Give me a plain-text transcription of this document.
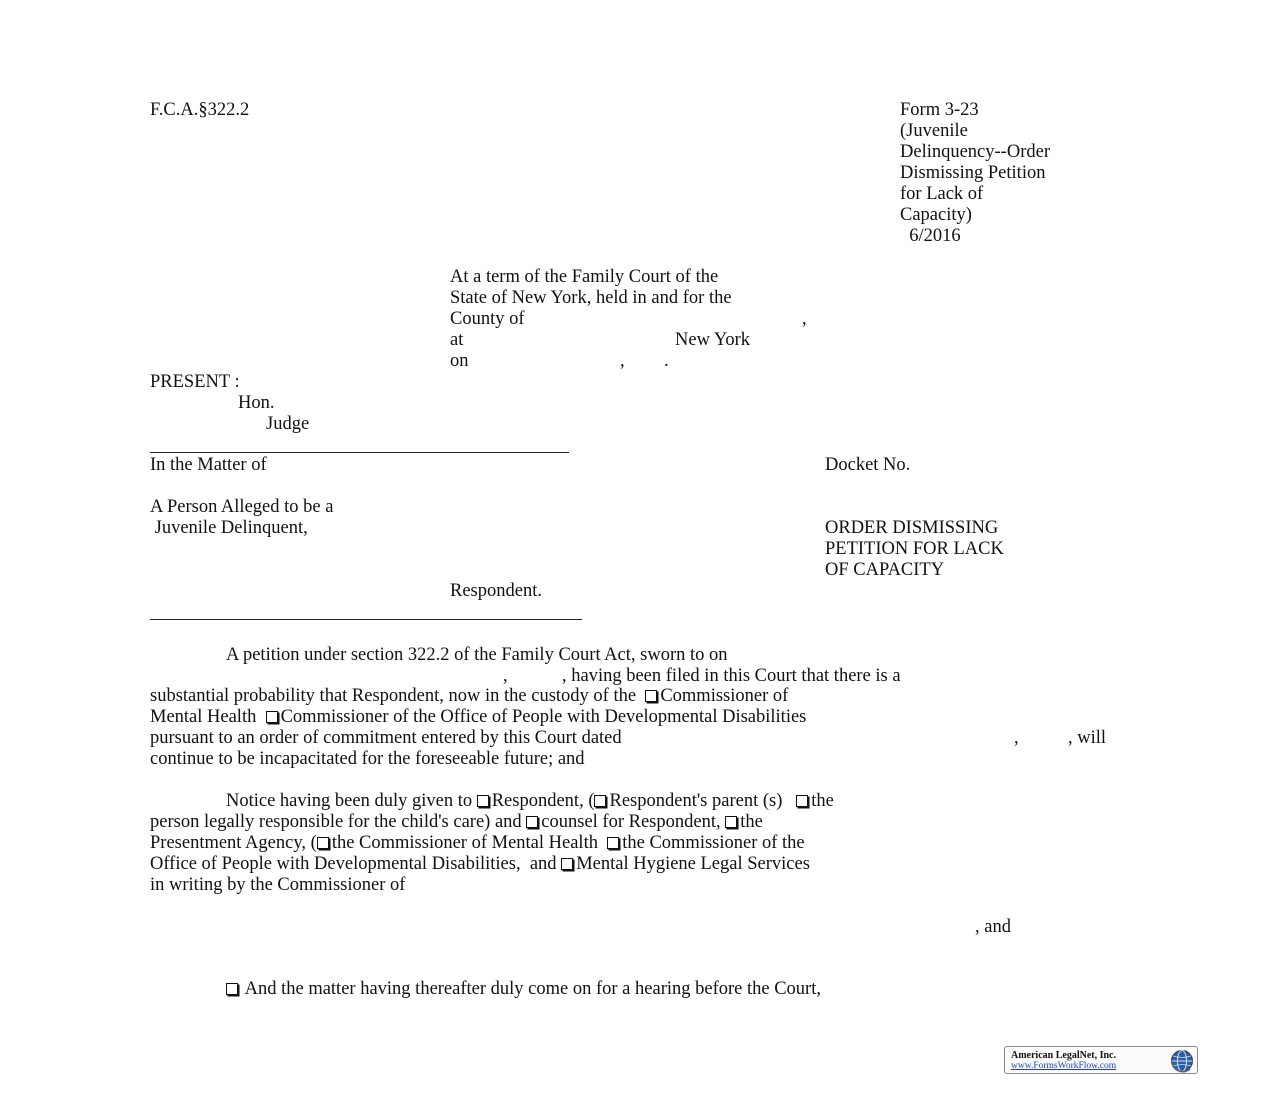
F.C.A.§322.2	Form 3-23
(Juvenile
Delinquency--Order
Dismissing Petition
for Lack of
Capacity)
6/2016
At a term of the Family Court of the
State of New York, held in and for the
County of	,
at	New York
on	, .
PRESENT :
Hon.
Judge
In the Matter of	Docket No.
A Person Alleged to be a
Juvenile Delinquent,	ORDER DISMISSING
PETITION FOR LACK
OF CAPACITY
Respondent.
A petition under section 322.2 of the Family Court Act, sworn to on
,	, having been filed in this Court that there is a
substantial probability that Respondent, now in the custody of the Commissioner of
Mental Health Commissioner of the Office of People with Developmental Disabilities
pursuant to an order of commitment entered by this Court dated	,	, will
continue to be incapacitated for the foreseeable future; and
Notice having been duly given to Respondent, ( Respondent's parent (s) the
person legally responsible for the child's care) and counsel for Respondent, the
Presentment Agency, ( the Commissioner of Mental Health the Commissioner of the
Office of People with Developmental Disabilities,  and Mental Hygiene Legal Services
in writing by the Commissioner of
, and
And the matter having thereafter duly come on for a hearing before the Court,
American LegalNet, Inc.
www.FormsWorkFlow.com
